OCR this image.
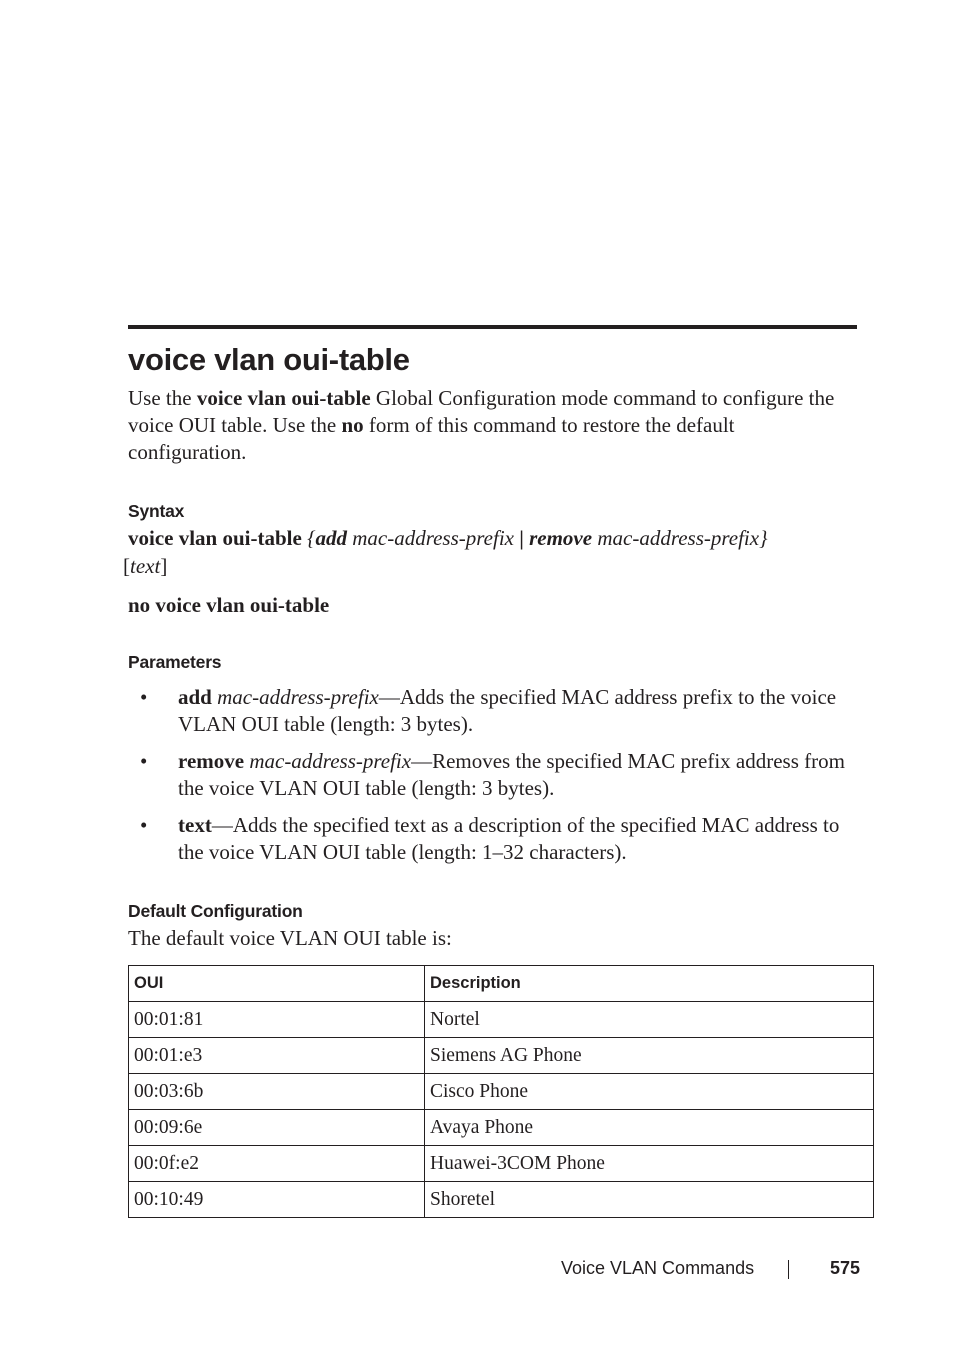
voice vlan oui-table

Use the voice vlan oui-table Global Configuration mode command to configure the voice OUI table. Use the no form of this command to restore the default configuration.

Syntax

voice vlan oui-table {add mac-address-prefix | remove mac-address-prefix}
[text]

no voice vlan oui-table

Parameters
• add mac-address-prefix—Adds the specified MAC address prefix to the voice VLAN OUI table (length: 3 bytes).
• remove mac-address-prefix—Removes the specified MAC prefix address from the voice VLAN OUI table (length: 3 bytes).
• text—Adds the specified text as a description of the specified MAC address to the voice VLAN OUI table (length: 1–32 characters).
Default Configuration

The default voice VLAN OUI table is:

OUI	Description
00:01:81	Nortel
00:01:e3	Siemens AG Phone
00:03:6b	Cisco Phone
00:09:6e	Avaya Phone
00:0f:e2	Huawei-3COM Phone
00:10:49	Shoretel
Voice VLAN Commands	575
